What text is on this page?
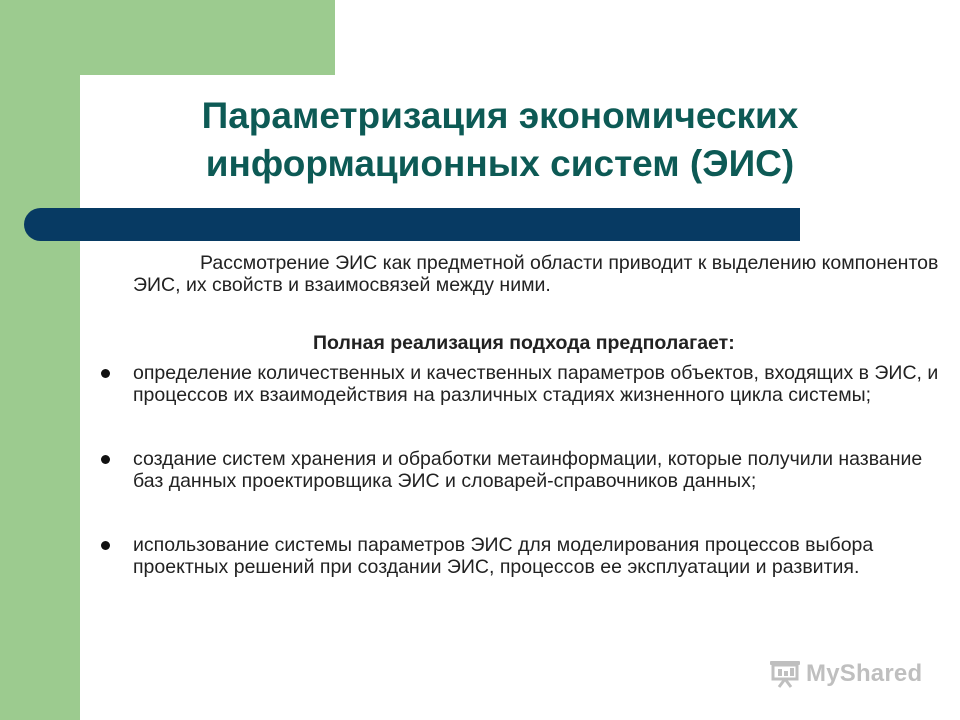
Параметризация экономических
информационных систем (ЭИС)

Рассмотрение ЭИС как предметной области приводит к выделению компонентов ЭИС, их свойств и взаимосвязей между ними.

Полная реализация подхода предполагает:

определение количественных и качественных параметров объектов, входящих в ЭИС, и процессов их взаимодействия на различных стадиях жизненного цикла системы;
создание систем хранения и обработки метаинформации, которые получили название баз данных проектировщика ЭИС и словарей-справочников данных;
использование системы параметров ЭИС для моделирования процессов выбора проектных решений при создании ЭИС, процессов ее эксплуатации и развития.
MyShared
